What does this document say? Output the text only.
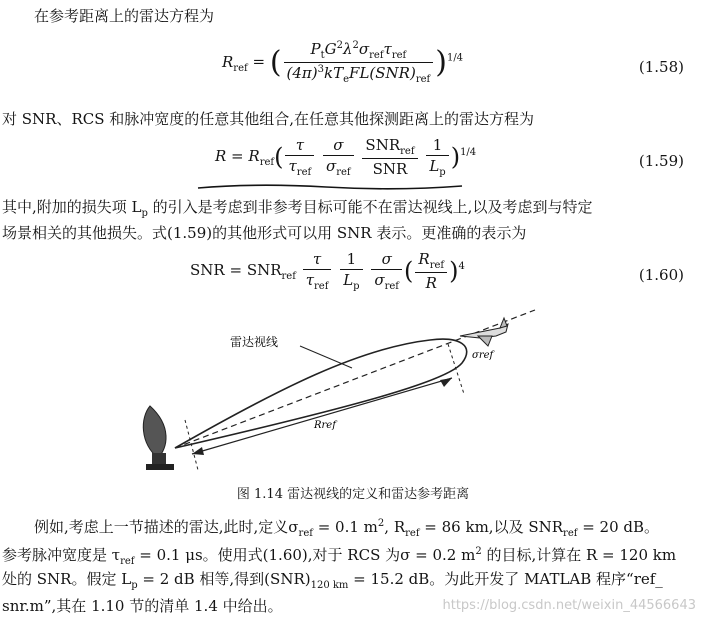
在参考距离上的雷达方程为
$R_{ref}$ = ( $\frac{P_tG^2\lambda^2\sigma_{ref}\tau_{ref}}{(4\pi)^3kT_eFL(SNR)_{ref}} )^{1/4}$	(1.58)
对 SNR、RCS 和脉冲宽度的任意其他组合,在任意其他探测距离上的雷达方程为
$R = R_{ref}( \frac{\tau}{\tau_{ref}}$
$\frac{\sigma}{\sigma_{ref}}$
$\frac{SNR_{ref}}{\text{SNR}}$
$\frac{1}{L_p} )^{1/4}$	(1.59)
其中,附加的损失项 $L_p$ 的引入是考虑到非参考目标可能不在雷达视线上,以及考虑到与特定
场景相关的其他损失。式(1.59)的其他形式可以用 SNR 表示。更准确的表示为
SNR = $SNR_{ref} \frac{\tau}{\tau_{ref}}$
$\frac{1}{L_p}$
$\frac{\sigma}{\sigma_{ref}}$ ( $\frac{R_{ref}}{R} )^4$	(1.60)
雷达视线
σref
Rref
图 1.14 雷达视线的定义和雷达参考距离
例如,考虑上一节描述的雷达,此时,定义$\sigma_{ref} = 0.1$ $m^2$, $R_{ref} = 86$ km,以及 $SNR_{ref} = 20$ dB。
参考脉冲宽度是 $\tau_{ref} = 0.1$ μs。使用式(1.60),对于 RCS 为σ = 0.2 $m^2$ 的目标,计算在 R = 120 km
处的 SNR。假定 $L_p = 2$ dB 相等,得到$(SNR)_{120 km} = 15.2$ dB。为此开发了 MATLAB 程序“ref_
snr.m”,其在 1.10 节的清单 1.4 中给出。	https://blog.csdn.net/weixin_44566643
